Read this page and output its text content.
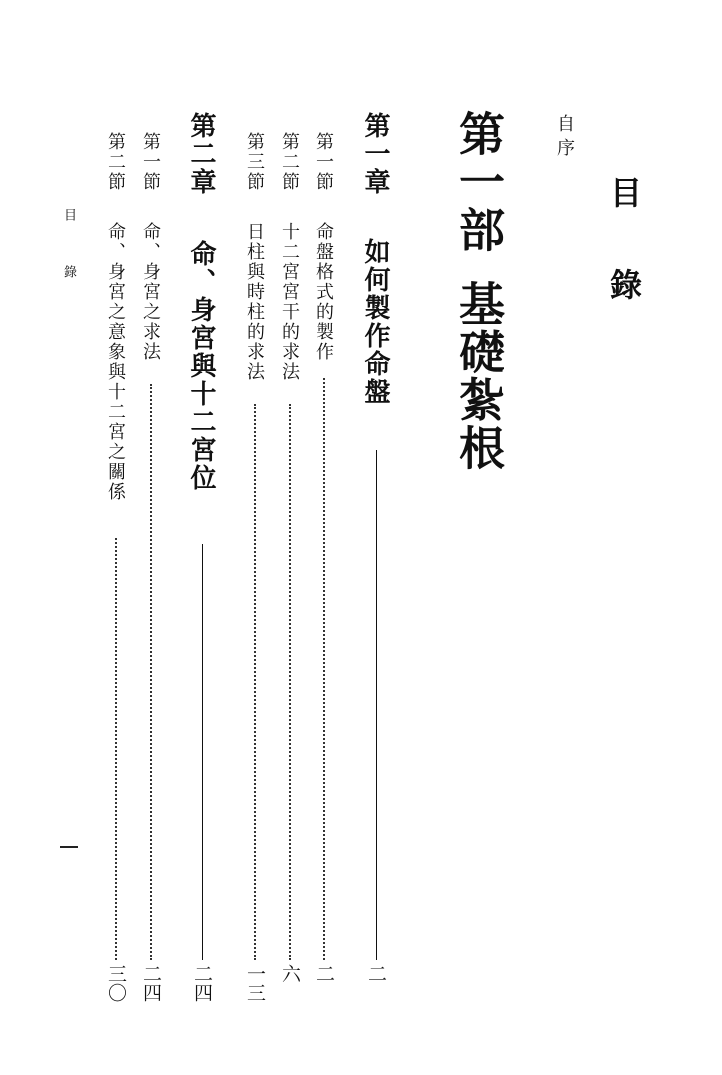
目錄
自序
第一部基礎紮根
第一章
如何製作命盤
二
第一節
命盤格式的製作
二
第二節
十二宮宮干的求法
六
第三節
日柱與時柱的求法
一三
第二章
命、身宮與十二宮位
二四
第一節
命、身宮之求法
二四
第二節
命、身宮之意象與十二宮之關係
三〇
目錄
